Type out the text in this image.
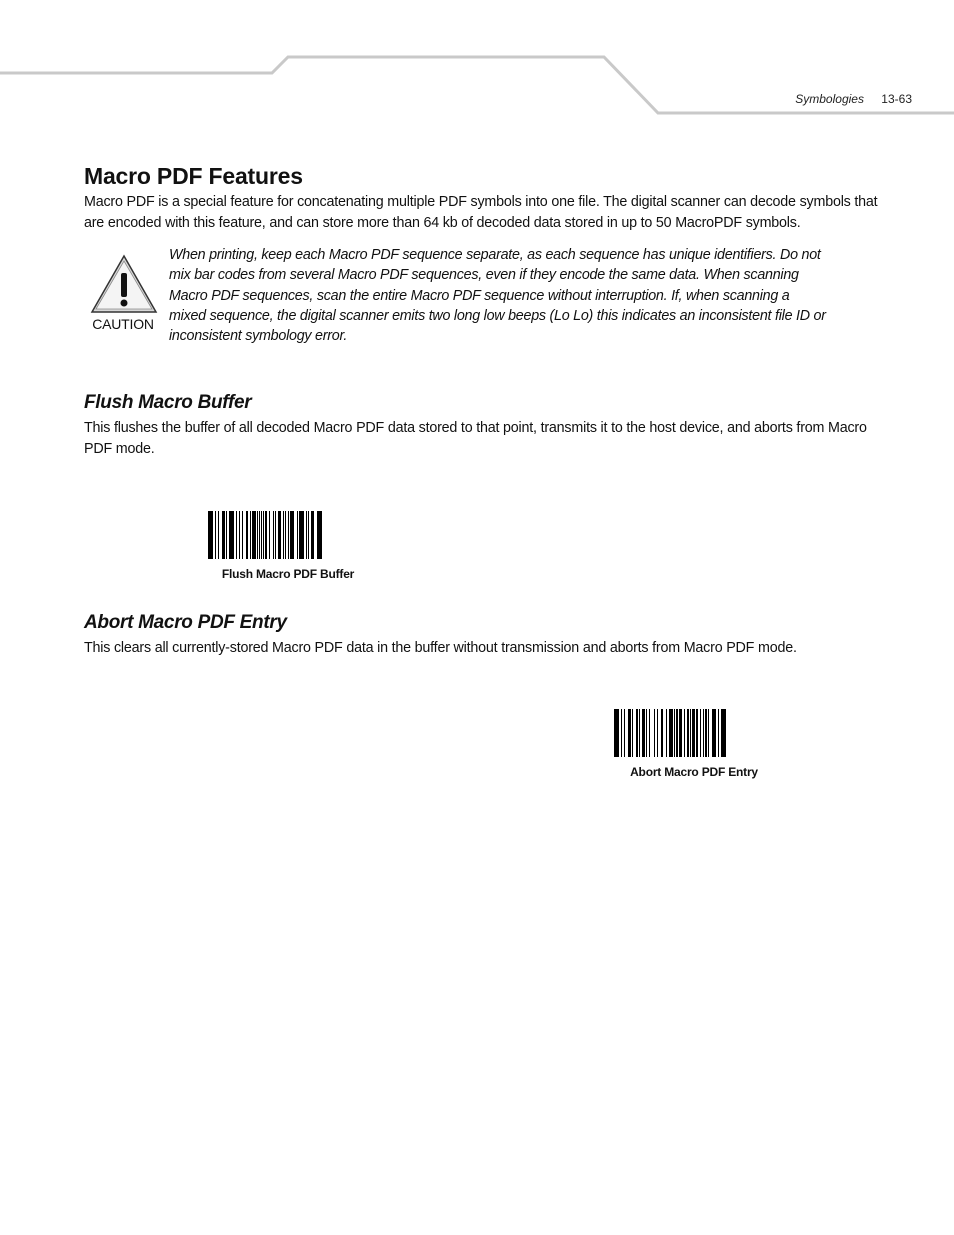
Symbologies 13-63
Macro PDF Features

Macro PDF is a special feature for concatenating multiple PDF symbols into one file. The digital scanner can decode symbols that are encoded with this feature, and can store more than 64 kb of decoded data stored in up to 50 MacroPDF symbols.

When printing, keep each Macro PDF sequence separate, as each sequence has unique identifiers. Do not mix bar codes from several Macro PDF sequences, even if they encode the same data. When scanning Macro PDF sequences, scan the entire Macro PDF sequence without interruption. If, when scanning a mixed sequence, the digital scanner emits two long low beeps (Lo Lo) this indicates an inconsistent file ID or inconsistent symbology error.
CAUTION
Flush Macro Buffer

This flushes the buffer of all decoded Macro PDF data stored to that point, transmits it to the host device, and aborts from Macro PDF mode.

Flush Macro PDF Buffer
Abort Macro PDF Entry

This clears all currently-stored Macro PDF data in the buffer without transmission and aborts from Macro PDF mode.

Abort Macro PDF Entry
